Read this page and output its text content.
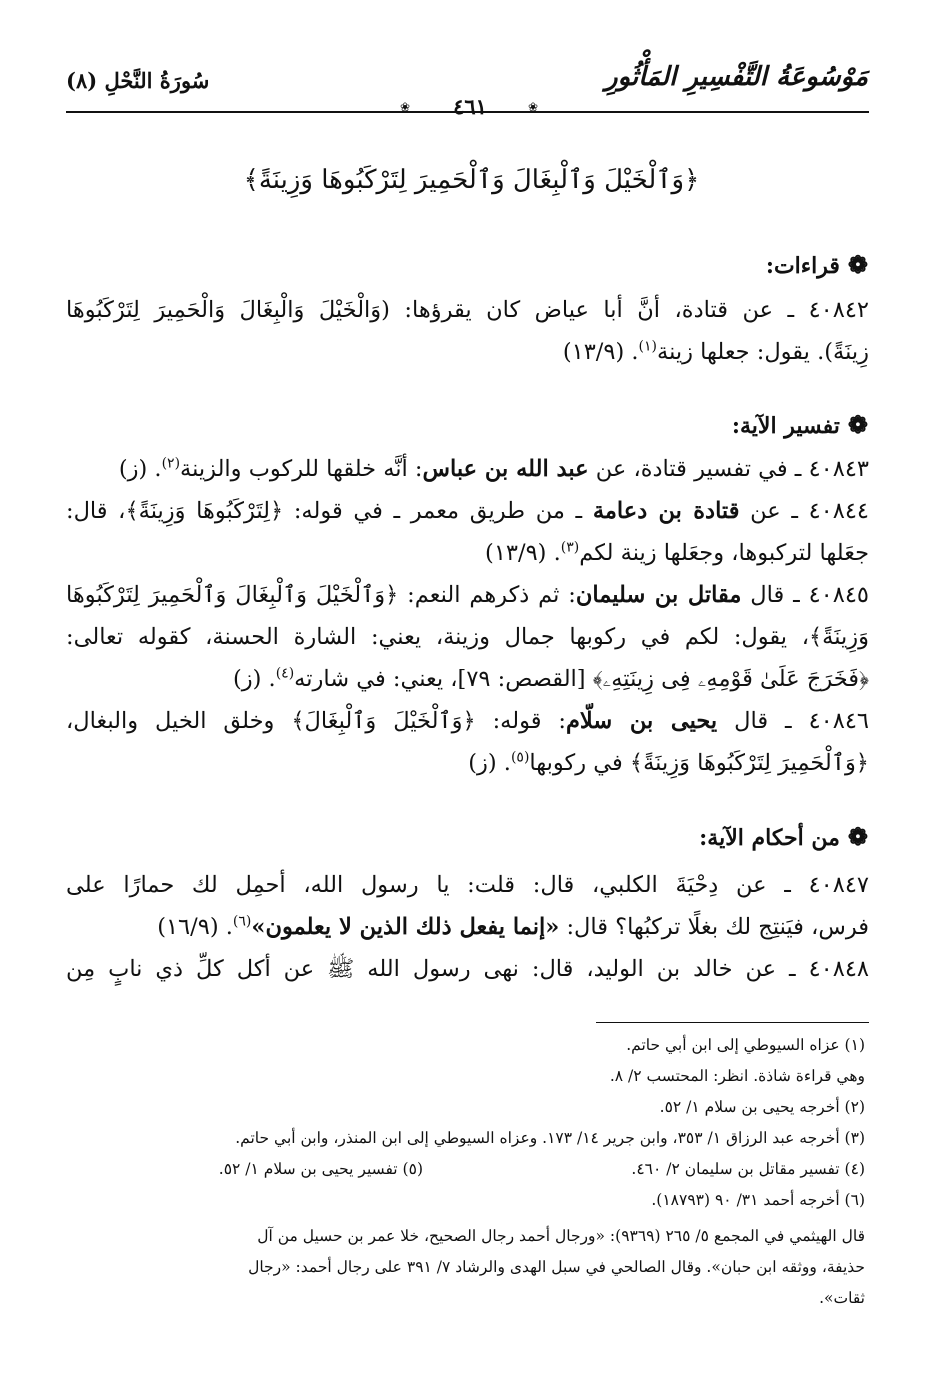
مَوْسُوعَةُ التَّفْسِيرِ المَأْثُورِ
سُورَةُ النَّحْلِ (٨)
❀	٤٦١	❀
﴿وَٱلْخَيْلَ وَٱلْبِغَالَ وَٱلْحَمِيرَ لِتَرْكَبُوهَا وَزِينَةً﴾
❁قراءات:
٤٠٨٤٢ ـ عن قتادة، أنَّ أبا عياض كان يقرؤها: (وَالْخَيْلَ وَالْبِغَالَ وَالْحَمِيرَ لِتَرْكَبُوهَا
زِينَةً). يقول: جعلها زينة$^{(١)}$. (١٣/٩)
❁تفسير الآية:
٤٠٨٤٣ ـ في تفسير قتادة، عن عبد الله بن عباس: أنَّه خلقها للركوب والزينة$^{(٢)}$. (ز)
٤٠٨٤٤ ـ عن قتادة بن دعامة ـ من طريق معمر ـ في قوله: ﴿لِتَرْكَبُوهَا وَزِينَةً﴾، قال:
جعَلها لتركبوها، وجعَلها زينة لكم$^{(٣)}$. (١٣/٩)
٤٠٨٤٥ ـ قال مقاتل بن سليمان: ثم ذكرهم النعم: ﴿وَٱلْخَيْلَ وَٱلْبِغَالَ وَٱلْحَمِيرَ لِتَرْكَبُوهَا
وَزِينَةً﴾، يقول: لكم في ركوبها جمال وزينة، يعني: الشارة الحسنة، كقوله تعالى:
﴿فَخَرَجَ عَلَىٰ قَوْمِهِۦ فِى زِينَتِهِۦ﴾ [القصص: ٧٩]، يعني: في شارته$^{(٤)}$. (ز)
٤٠٨٤٦ ـ قال يحيى بن سلّام: قوله: ﴿وَٱلْخَيْلَ وَٱلْبِغَالَ﴾ وخلق الخيل والبغال،
﴿وَٱلْحَمِيرَ لِتَرْكَبُوهَا وَزِينَةً﴾ في ركوبها$^{(٥)}$. (ز)
❁من أحكام الآية:
٤٠٨٤٧ ـ عن دِحْيَةَ الكلبي، قال: قلت: يا رسول الله، أحمِل لك حمارًا على
فرس، فيَنتِج لك بغلًا تركبُها؟ قال: «إنما يفعل ذلك الذين لا يعلمون»$^{(٦)}$. (١٦/٩)
٤٠٨٤٨ ـ عن خالد بن الوليد، قال: نهى رسول الله ﷺ عن أكل كلِّ ذي نابٍ مِن
(١) عزاه السيوطي إلى ابن أبي حاتم.
وهي قراءة شاذة. انظر: المحتسب ٢/ ٨.
(٢) أخرجه يحيى بن سلام ١/ ٥٢.
(٣) أخرجه عبد الرزاق ١/ ٣٥٣، وابن جرير ١٤/ ١٧٣. وعزاه السيوطي إلى ابن المنذر، وابن أبي حاتم.
(٤) تفسير مقاتل بن سليمان ٢/ ٤٦٠.
(٥) تفسير يحيى بن سلام ١/ ٥٢.
(٦) أخرجه أحمد ٣١/ ٩٠ (١٨٧٩٣).
قال الهيثمي في المجمع ٥/ ٢٦٥ (٩٣٦٩): «ورجال أحمد رجال الصحيح، خلا عمر بن حسيل من آل
حذيفة، ووثقه ابن حبان». وقال الصالحي في سبل الهدى والرشاد ٧/ ٣٩١ على رجال أحمد: «رجال
ثقات».
